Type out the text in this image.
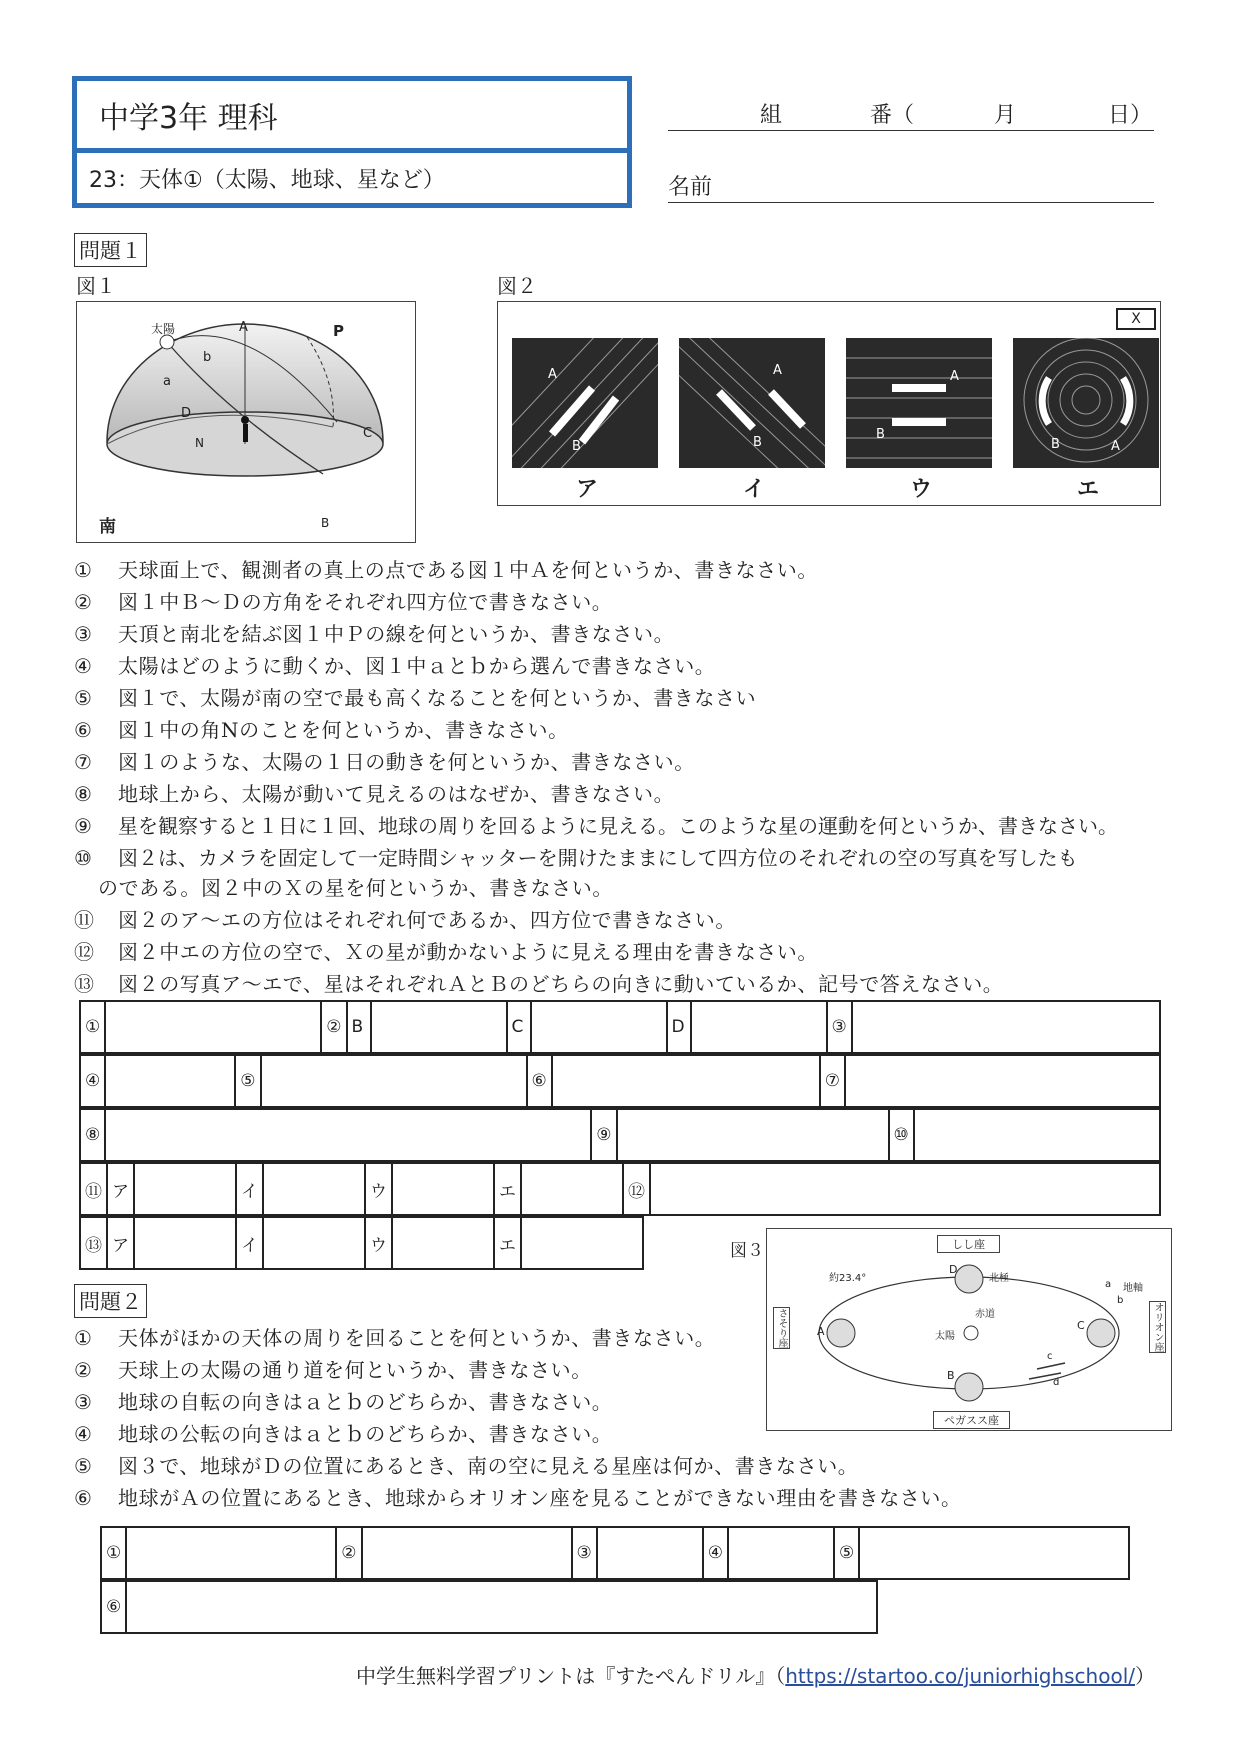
中学3年 理科
23：天体①（太陽、地球、星など）
組	番（	月	日）
名前
問題１
図１	図２
太陽	A	P
b
a
D
N
C
B
南
X
A
B
A
B
A
B
B	A
ア	イ	ウ	エ
① 天球面上で、観測者の真上の点である図１中Ａを何というか、書きなさい。
② 図１中Ｂ～Ｄの方角をそれぞれ四方位で書きなさい。
③ 天頂と南北を結ぶ図１中Ｐの線を何というか、書きなさい。
④ 太陽はどのように動くか、図１中ａとｂから選んで書きなさい。
⑤ 図１で、太陽が南の空で最も高くなることを何というか、書きなさい
⑥ 図１中の角Nのことを何というか、書きなさい。
⑦ 図１のような、太陽の１日の動きを何というか、書きなさい。
⑧ 地球上から、太陽が動いて見えるのはなぜか、書きなさい。
⑨ 星を観察すると１日に１回、地球の周りを回るように見える。このような星の運動を何というか、書きなさい。
⑩ 図２は、カメラを固定して一定時間シャッターを開けたままにして四方位のそれぞれの空の写真を写したも
のである。図２中のＸの星を何というか、書きなさい。
⑪ 図２のア～エの方位はそれぞれ何であるか、四方位で書きなさい。
⑫ 図２中エの方位の空で、Ｘの星が動かないように見える理由を書きなさい。
⑬ 図２の写真ア～エで、星はそれぞれＡとＢのどちらの向きに動いているか、記号で答えなさい。
①		②	B		C		D		③	
④		⑤		⑥		⑦	
⑧		⑨		⑩	
⑪	ア		イ		ウ		エ		⑫	
⑬	ア		イ		ウ		エ		図３	しし座
ペガスス座
さそり座	オリオン座
約23.4°	北極
赤道
地軸
太陽
A
B
C
D
a
b
c
d
問題２
① 天体がほかの天体の周りを回ることを何というか、書きなさい。
② 天球上の太陽の通り道を何というか、書きなさい。
③ 地球の自転の向きはａとｂのどちらか、書きなさい。
④ 地球の公転の向きはａとｂのどちらか、書きなさい。
⑤ 図３で、地球がＤの位置にあるとき、南の空に見える星座は何か、書きなさい。
⑥ 地球がＡの位置にあるとき、地球からオリオン座を見ることができない理由を書きなさい。
①		②		③		④		⑤	
⑥	
中学生無料学習プリントは『すたぺんドリル』（https://startoo.co/juniorhighschool/）
